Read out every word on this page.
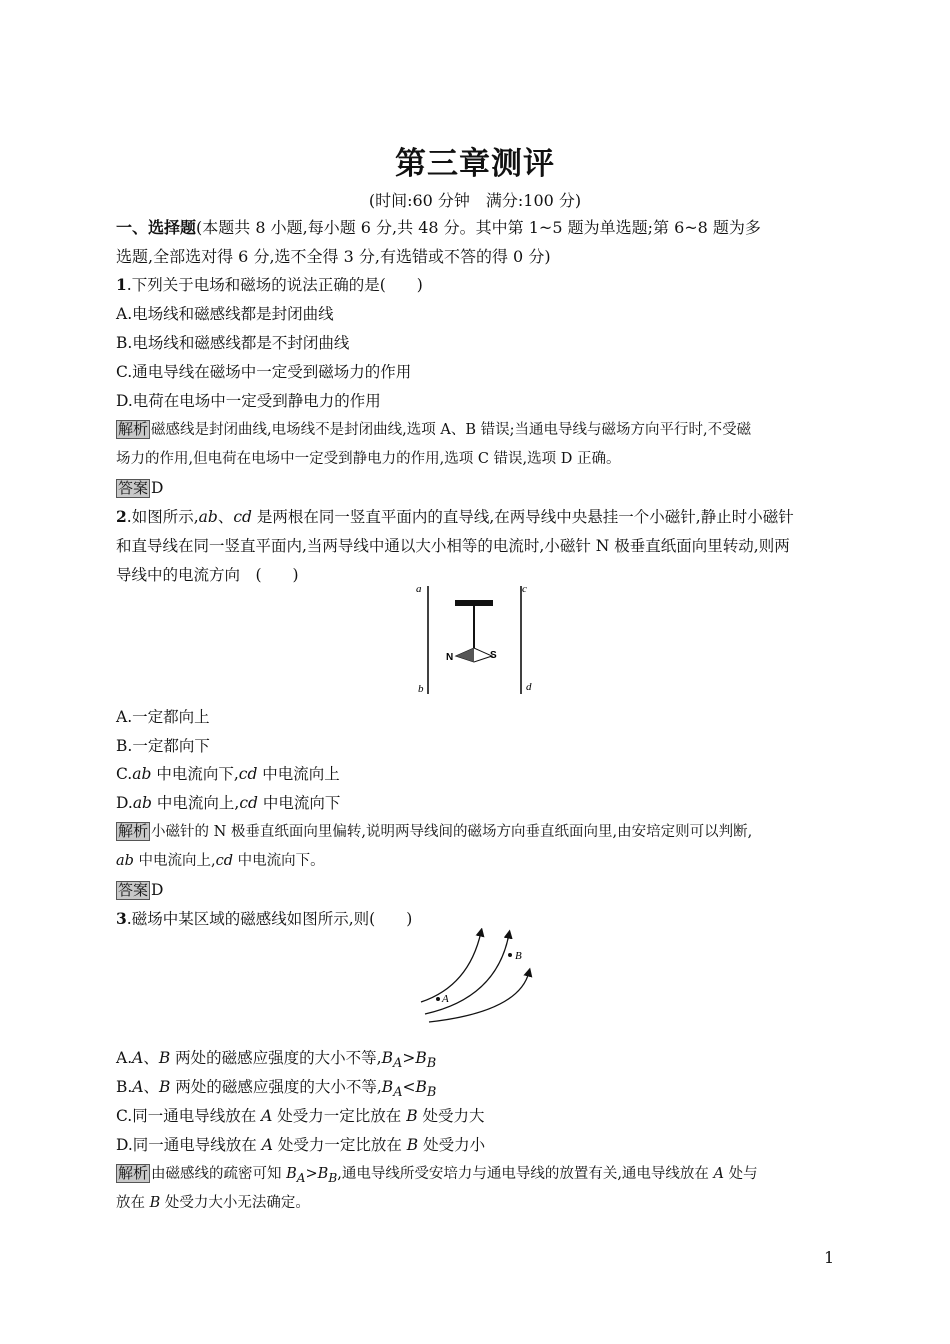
第三章测评
(时间:60 分钟　满分:100 分)
一、选择题(本题共 8 小题,每小题 6 分,共 48 分。其中第 1~5 题为单选题;第 6~8 题为多
选题,全部选对得 6 分,选不全得 3 分,有选错或不答的得 0 分)
1.下列关于电场和磁场的说法正确的是(　　)
A.电场线和磁感线都是封闭曲线
B.电场线和磁感线都是不封闭曲线
C.通电导线在磁场中一定受到磁场力的作用
D.电荷在电场中一定受到静电力的作用
解析 磁感线是封闭曲线,电场线不是封闭曲线,选项 A、B 错误;当通电导线与磁场方向平行时,不受磁
场力的作用,但电荷在电场中一定受到静电力的作用,选项 C 错误,选项 D 正确。
答案 D
2.如图所示,ab、cd 是两根在同一竖直平面内的直导线,在两导线中央悬挂一个小磁针,静止时小磁针
和直导线在同一竖直平面内,当两导线中通以大小相等的电流时,小磁针 N 极垂直纸面向里转动,则两
导线中的电流方向　(　　)
a
b
c
d
N	S
A.一定都向上
B.一定都向下
C.ab 中电流向下,cd 中电流向上
D.ab 中电流向上,cd 中电流向下
解析 小磁针的 N 极垂直纸面向里偏转,说明两导线间的磁场方向垂直纸面向里,由安培定则可以判断,
ab 中电流向上,cd 中电流向下。
答案 D
3.磁场中某区域的磁感线如图所示,则(　　)
A
B
A.A、B 两处的磁感应强度的大小不等$,B_A>B_B$
B.A、B 两处的磁感应强度的大小不等$,B_A<B_B$
C.同一通电导线放在 A 处受力一定比放在 B 处受力大
D.同一通电导线放在 A 处受力一定比放在 B 处受力小
解析 由磁感线的疏密可知 $B_A>B_B$,通电导线所受安培力与通电导线的放置有关,通电导线放在 A 处与
放在 B 处受力大小无法确定。
1
